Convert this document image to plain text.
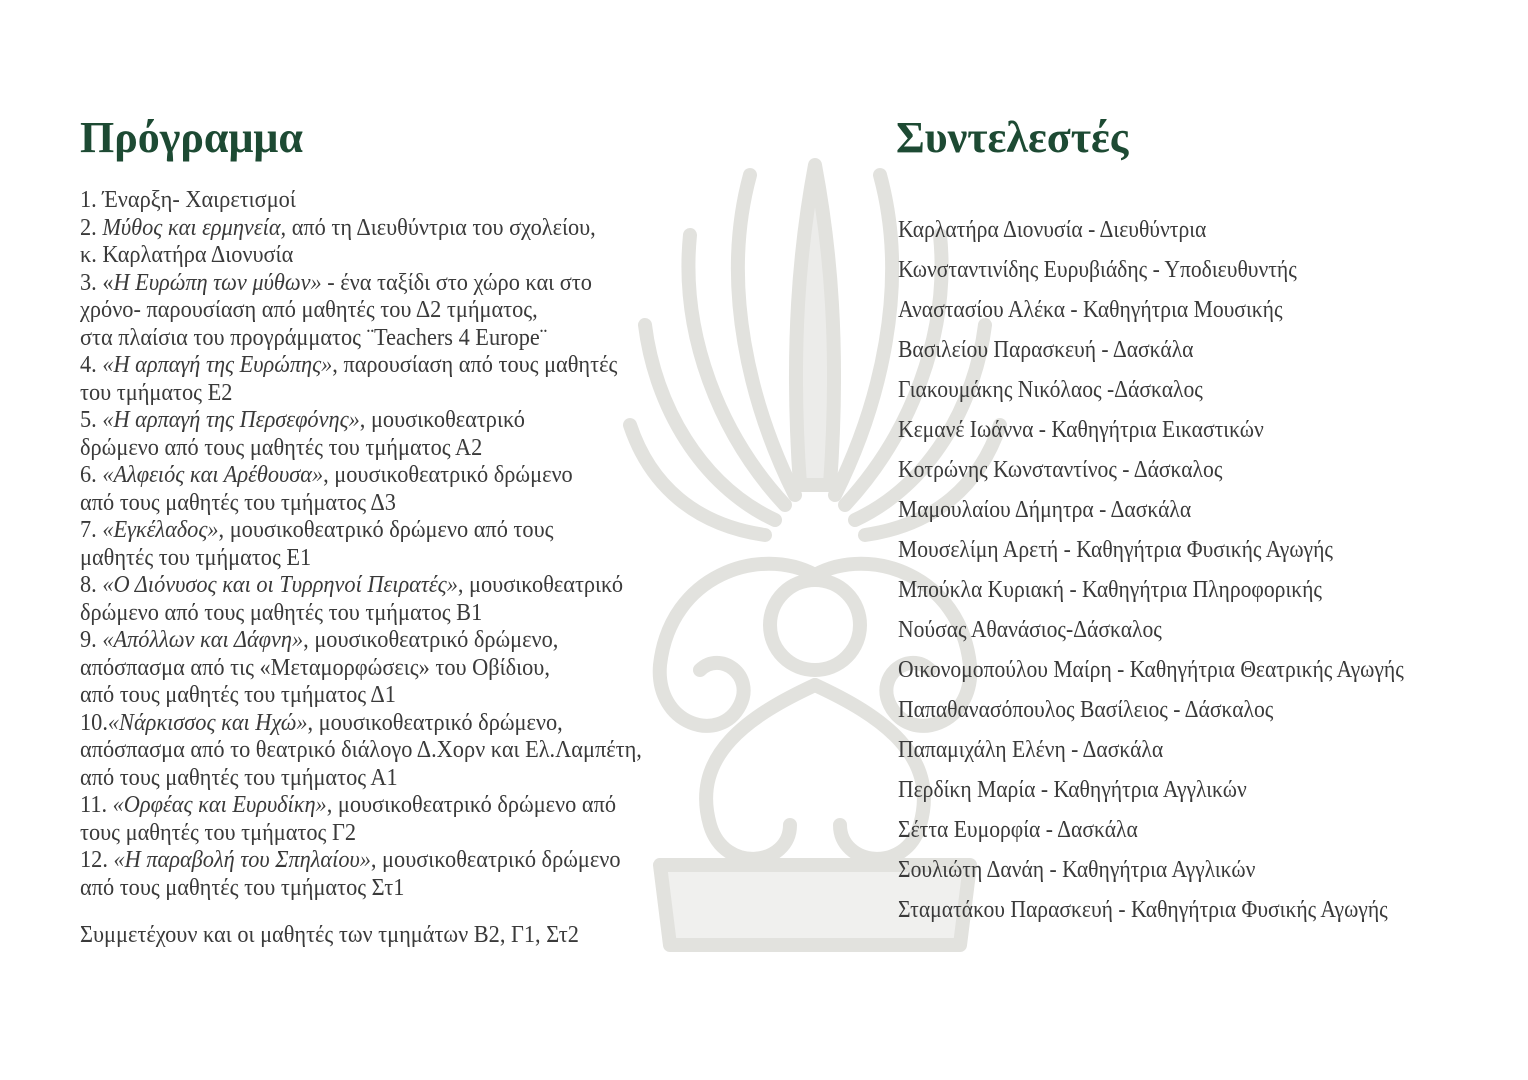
Πρόγραμμα
1. Έναρξη- Χαιρετισμοί
2. Μύθος και ερμηνεία, από τη Διευθύντρια του σχολείου,
κ. Καρλατήρα Διονυσία
3. «Η Ευρώπη των μύθων» - ένα ταξίδι στο χώρο και στο
χρόνο- παρουσίαση από μαθητές του Δ2 τμήματος,
στα πλαίσια του προγράμματος ¨Teachers 4 Europe¨
4. «Η αρπαγή της Ευρώπης», παρουσίαση από τους μαθητές
του τμήματος Ε2
5. «Η αρπαγή της Περσεφόνης», μουσικοθεατρικό
δρώμενο από τους μαθητές του τμήματος Α2
6. «Αλφειός και Αρέθουσα», μουσικοθεατρικό δρώμενο
από τους μαθητές του τμήματος Δ3
7. «Εγκέλαδος», μουσικοθεατρικό δρώμενο από τους
μαθητές του τμήματος Ε1
8. «Ο Διόνυσος και οι Τυρρηνοί Πειρατές», μουσικοθεατρικό
δρώμενο από τους μαθητές του τμήματος Β1
9. «Απόλλων και Δάφνη», μουσικοθεατρικό δρώμενο,
απόσπασμα από τις «Μεταμορφώσεις» του Οβίδιου,
από τους μαθητές του τμήματος Δ1
10.«Νάρκισσος και Ηχώ», μουσικοθεατρικό δρώμενο,
απόσπασμα από το θεατρικό διάλογο Δ.Χορν και Ελ.Λαμπέτη,
από τους μαθητές του τμήματος Α1
11. «Ορφέας και Ευρυδίκη», μουσικοθεατρικό δρώμενο από
τους μαθητές του τμήματος Γ2
12. «Η παραβολή του Σπηλαίου», μουσικοθεατρικό δρώμενο
από τους μαθητές του τμήματος Στ1
Συμμετέχουν και οι μαθητές των τμημάτων Β2, Γ1, Στ2
Συντελεστές
Καρλατήρα Διονυσία - Διευθύντρια
Κωνσταντινίδης Ευρυβιάδης - Υποδιευθυντής
Αναστασίου Αλέκα - Καθηγήτρια Μουσικής
Βασιλείου Παρασκευή - Δασκάλα
Γιακουμάκης Νικόλαος -Δάσκαλος
Κεμανέ Ιωάννα - Καθηγήτρια Εικαστικών
Κοτρώνης Κωνσταντίνος - Δάσκαλος
Μαμουλαίου Δήμητρα - Δασκάλα
Μουσελίμη Αρετή - Καθηγήτρια Φυσικής Αγωγής
Μπούκλα Κυριακή - Καθηγήτρια Πληροφορικής
Νούσας Αθανάσιος-Δάσκαλος
Οικονομοπούλου Μαίρη - Καθηγήτρια Θεατρικής Αγωγής
Παπαθανασόπουλος Βασίλειος - Δάσκαλος
Παπαμιχάλη Ελένη - Δασκάλα
Περδίκη Μαρία - Καθηγήτρια Αγγλικών
Σέττα Ευμορφία - Δασκάλα
Σουλιώτη Δανάη - Καθηγήτρια Αγγλικών
Σταματάκου Παρασκευή - Καθηγήτρια Φυσικής Αγωγής
